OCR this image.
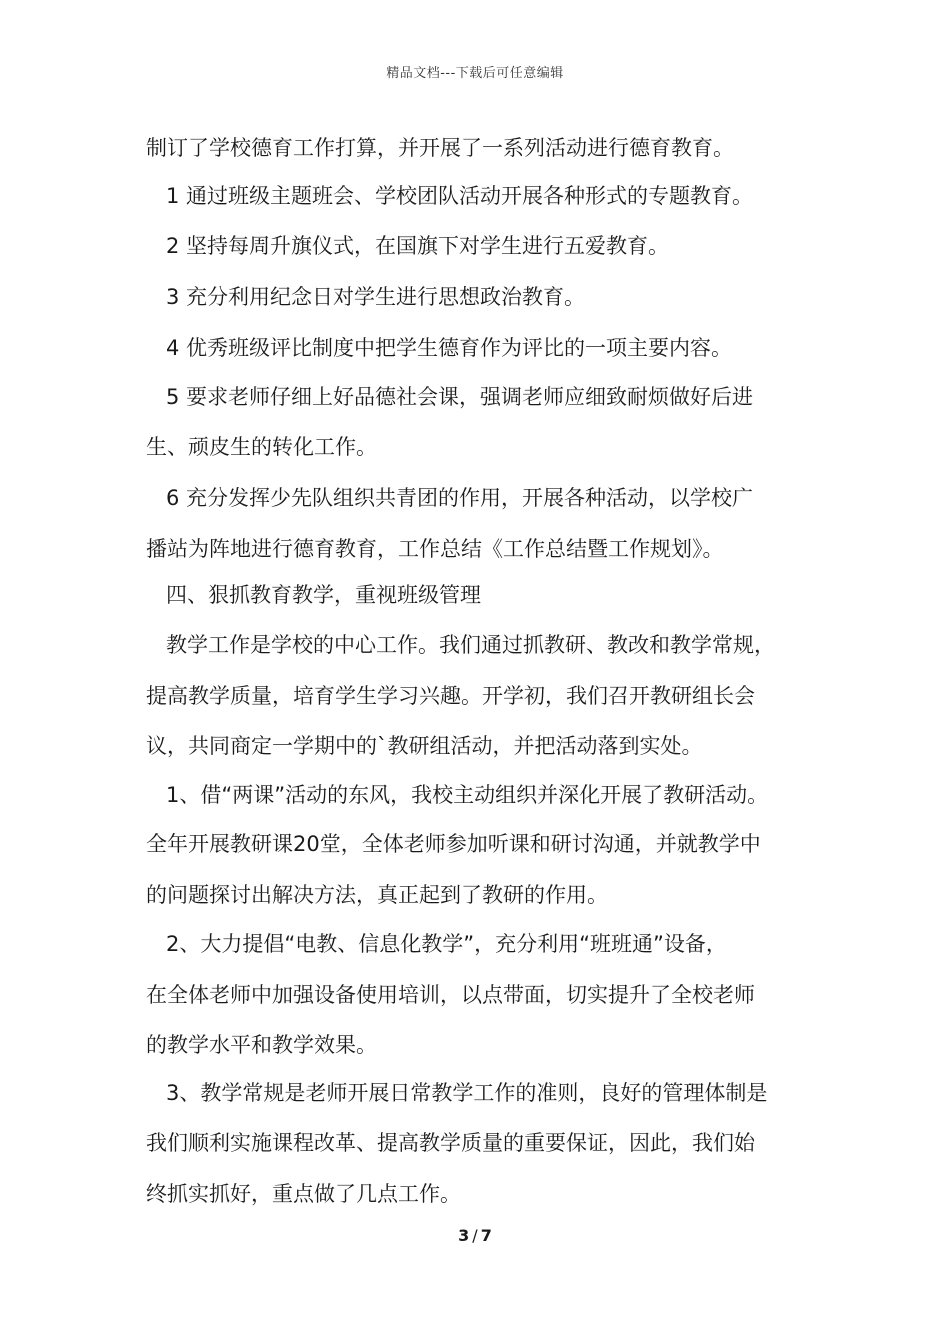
精品文档---下载后可任意编辑
制订了学校德育工作打算，并开展了一系列活动进行德育教育。
1 通过班级主题班会、学校团队活动开展各种形式的专题教育。
2 坚持每周升旗仪式，在国旗下对学生进行五爱教育。
3 充分利用纪念日对学生进行思想政治教育。
4 优秀班级评比制度中把学生德育作为评比的一项主要内容。
5 要求老师仔细上好品德社会课，强调老师应细致耐烦做好后进
生、顽皮生的转化工作。
6 充分发挥少先队组织共青团的作用，开展各种活动，以学校广
播站为阵地进行德育教育，工作总结《工作总结暨工作规划》。
四、狠抓教育教学，重视班级管理
教学工作是学校的中心工作。我们通过抓教研、教改和教学常规，
提高教学质量，培育学生学习兴趣。开学初，我们召开教研组长会
议，共同商定一学期中的`教研组活动，并把活动落到实处。
1、借“两课”活动的东风，我校主动组织并深化开展了教研活动。
全年开展教研课20堂，全体老师参加听课和研讨沟通，并就教学中
的问题探讨出解决方法，真正起到了教研的作用。
2、大力提倡“电教、信息化教学”，充分利用“班班通”设备，
在全体老师中加强设备使用培训，以点带面，切实提升了全校老师
的教学水平和教学效果。
3、教学常规是老师开展日常教学工作的准则，良好的管理体制是
我们顺利实施课程改革、提高教学质量的重要保证，因此，我们始
终抓实抓好，重点做了几点工作。
3 / 7
